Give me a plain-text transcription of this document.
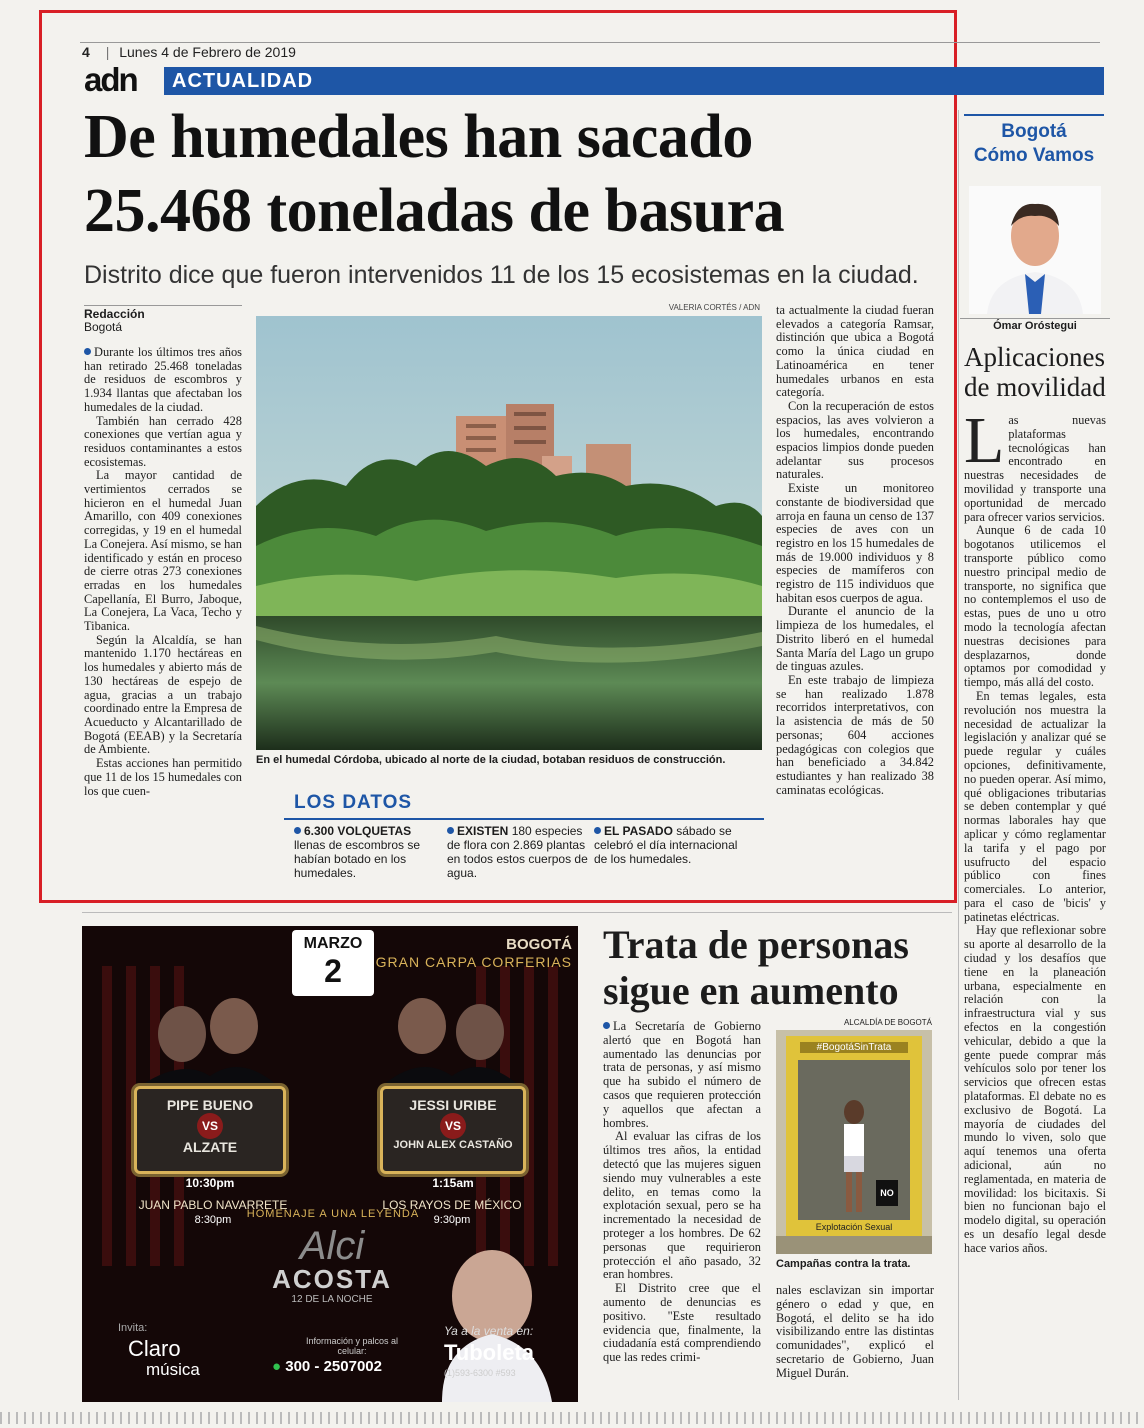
4 | Lunes 4 de Febrero de 2019
adn	ACTUALIDAD
De humedales han sacado
25.468 toneladas de basura
Distrito dice que fueron intervenidos 11 de los 15 ecosistemas en la ciudad.
Redacción
Bogotá

Durante los últimos tres años han retirado 25.468 toneladas de residuos de escombros y 1.934 llantas que afectaban los humedales de la ciudad.

También han cerrado 428 conexiones que vertían agua y residuos contaminantes a estos ecosistemas.

La mayor cantidad de vertimientos cerrados se hicieron en el humedal Juan Amarillo, con 409 conexiones corregidas, y 19 en el humedal La Conejera. Así mismo, se han identificado y están en proceso de cierre otras 273 conexiones erradas en los humedales Capellanía, El Burro, Jaboque, La Conejera, La Vaca, Techo y Tibanica.

Según la Alcaldía, se han mantenido 1.170 hectáreas en los humedales y abierto más de 130 hectáreas de espejo de agua, gracias a un trabajo coordinado entre la Empresa de Acueducto y Alcantarillado de Bogotá (EEAB) y la Secretaría de Ambiente.

Estas acciones han permitido que 11 de los 15 humedales con los que cuen-

VALERIA CORTÉS / ADN
En el humedal Córdoba, ubicado al norte de la ciudad, botaban residuos de construcción.

ta actualmente la ciudad fueran elevados a categoría Ramsar, distinción que ubica a Bogotá como la única ciudad en Latinoamérica en tener humedales urbanos en esta categoría.

Con la recuperación de estos espacios, las aves volvieron a los humedales, encontrando espacios limpios donde pueden adelantar sus procesos naturales.

Existe un monitoreo constante de biodiversidad que arroja en fauna un censo de 137 especies de aves con un registro en los 15 humedales de más de 19.000 individuos y 8 especies de mamíferos con registro de 115 individuos que habitan esos cuerpos de agua.

Durante el anuncio de la limpieza de los humedales, el Distrito liberó en el humedal Santa María del Lago un grupo de tinguas azules.

En este trabajo de limpieza se han realizado 1.878 recorridos interpretativos, con la asistencia de más de 50 personas; 604 acciones pedagógicas con colegios que han beneficiado a 34.842 estudiantes y han realizado 38 caminatas ecológicas.

LOS DATOS
6.300 VOLQUETAS llenas de escombros se habían botado en los humedales.
EXISTEN 180 especies de flora con 2.869 plantas en todos estos cuerpos de agua.
EL PASADO sábado se celebró el día internacional de los humedales.
Bogotá
Cómo Vamos
Ómar Oróstegui
Aplicaciones de movilidad

Las nuevas plataformas tecnológicas han encontrado en nuestras necesidades de movilidad y transporte una oportunidad de mercado para ofrecer varios servicios.

Aunque 6 de cada 10 bogotanos utilicemos el transporte público como nuestro principal medio de transporte, no significa que no contemplemos el uso de estas, pues de uno u otro modo la tecnología afectan nuestras decisiones para desplazarnos, donde optamos por comodidad y tiempo, más allá del costo.

En temas legales, esta revolución nos muestra la necesidad de actualizar la legislación y analizar qué se puede regular y cuáles opciones, definitivamente, no pueden operar. Así mimo, qué obligaciones tributarias se deben contemplar y qué normas laborales hay que aplicar y cómo reglamentar la tarifa y el pago por usufructo del espacio público con fines comerciales. Lo anterior, para el caso de 'bicis' y patinetas eléctricas.

Hay que reflexionar sobre su aporte al desarrollo de la ciudad y los desafíos que tiene en la planeación urbana, especialmente en relación con la infraestructura vial y sus efectos en la congestión vehicular, debido a que la gente puede comprar más vehículos solo por tener los servicios que ofrecen estas plataformas. El debate no es exclusivo de Bogotá. La mayoría de ciudades del mundo lo viven, solo que aquí tenemos una oferta adicional, aún no reglamentada, en materia de movilidad: los bicitaxis. Si bien no funcionan bajo el modelo digital, su operación es un desafío legal desde hace varios años.

MARZO
2
BOGOTÁ
GRAN CARPA CORFERIAS
PIPE BUENO
VS
ALZATE
10:30pm
JESSI URIBE
VS
JOHN ALEX CASTAÑO
1:15am
JUAN PABLO NAVARRETE
8:30pm
LOS RAYOS DE MÉXICO
9:30pm
HOMENAJE A UNA LEYENDA
Alci
ACOSTA
12 DE LA NOCHE
Invita:
Claro
música
Información y palcos al celular:
● 300 - 2507002
Ya a la venta en:
Tuboleta
(1)593-6300 #593
Trata de personas
sigue en aumento

La Secretaría de Gobierno alertó que en Bogotá han aumentado las denuncias por trata de personas, y así mismo que ha subido el número de casos que requieren protección y aquellos que afectan a hombres.

Al evaluar las cifras de los últimos tres años, la entidad detectó que las mujeres siguen siendo muy vulnerables a este delito, en temas como la explotación sexual, pero se ha incrementado la necesidad de proteger a los hombres. De 62 personas que requirieron protección el año pasado, 32 eran hombres.

El Distrito cree que el aumento de denuncias es positivo. "Este resultado evidencia que, finalmente, la ciudadanía está comprendiendo que las redes crimi-

ALCALDÍA DE BOGOTÁ
#BogotáSinTrata
NO
Explotación Sexual
Campañas contra la trata.

nales esclavizan sin importar género o edad y que, en Bogotá, el delito se ha ido visibilizando entre las distintas comunidades", explicó el secretario de Gobierno, Juan Miguel Durán.
